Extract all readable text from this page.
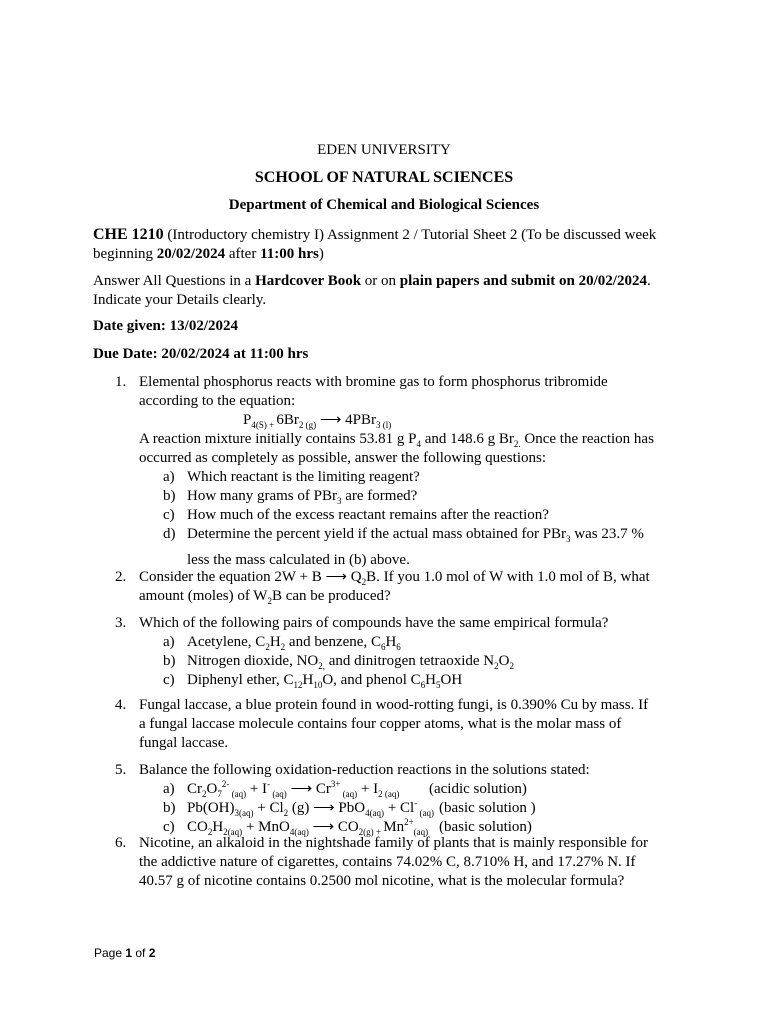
EDEN UNIVERSITY
SCHOOL OF NATURAL SCIENCES
Department of Chemical and Biological Sciences
CHE 1210 (Introductory chemistry I) Assignment 2 / Tutorial Sheet 2 (To be discussed week
beginning 20/02/2024 after 11:00 hrs)
Answer All Questions in a Hardcover Book or on plain papers and submit on 20/02/2024.
Indicate your Details clearly.
Date given: 13/02/2024
Due Date: 20/02/2024 at 11:00 hrs
1. Elemental phosphorus reacts with bromine gas to form phosphorus tribromide
according to the equation:
$P_{4(S) +}$ $6Br_{2 (g)}$ ⟶ 4PBr$_{3 (l)}$
A reaction mixture initially contains 53.81 g $P_4$ and 148.6 g $Br_{2.}$ Once the reaction has
occurred as completely as possible, answer the following questions:
a) Which reactant is the limiting reagent?
b) How many grams of PBr$_3$ are formed?
c) How much of the excess reactant remains after the reaction?
d) Determine the percent yield if the actual mass obtained for PBr$_3$ was 23.7 %
less the mass calculated in (b) above.
2. Consider the equation 2W + B ⟶ $Q_2B$. If you 1.0 mol of W with 1.0 mol of B, what
amount (moles) of $W_2B$ can be produced?
3. Which of the following pairs of compounds have the same empirical formula?
a) Acetylene, $C_2H_2$ and benzene, $C_6H_6$
b) Nitrogen dioxide, $NO_{2,}$ and dinitrogen tetraoxide $N_2O_2$
c) Diphenyl ether, $C_{12}H_{10}O$, and phenol $C_6H_5OH$
4. Fungal laccase, a blue protein found in wood-rotting fungi, is 0.390% Cu by mass. If
a fungal laccase molecule contains four copper atoms, what is the molar mass of
fungal laccase.
5. Balance the following oxidation-reduction reactions in the solutions stated:
a) $Cr_2O_7^{2-}$ $_{(aq)}$ + I- $_{(aq)}$ ⟶ $Cr^{3+}$ $_{(aq)} + I_{2 (aq)}$ (acidic solution)
b) $Pb(OH)_{3(aq)} + Cl_2$ (g) ⟶ PbO$_{4(aq)}$ + Cl- $_{(aq)}$ (basic solution )
c) $CO_2H_{2(aq)} + MnO_{4(aq)}$ ⟶ $CO_{2(g) +}$ $Mn^{2+}_{(aq)}$ (basic solution)
6. Nicotine, an alkaloid in the nightshade family of plants that is mainly responsible for
the addictive nature of cigarettes, contains 74.02% C, 8.710% H, and 17.27% N. If
40.57 g of nicotine contains 0.2500 mol nicotine, what is the molecular formula?
Page 1 of 2
